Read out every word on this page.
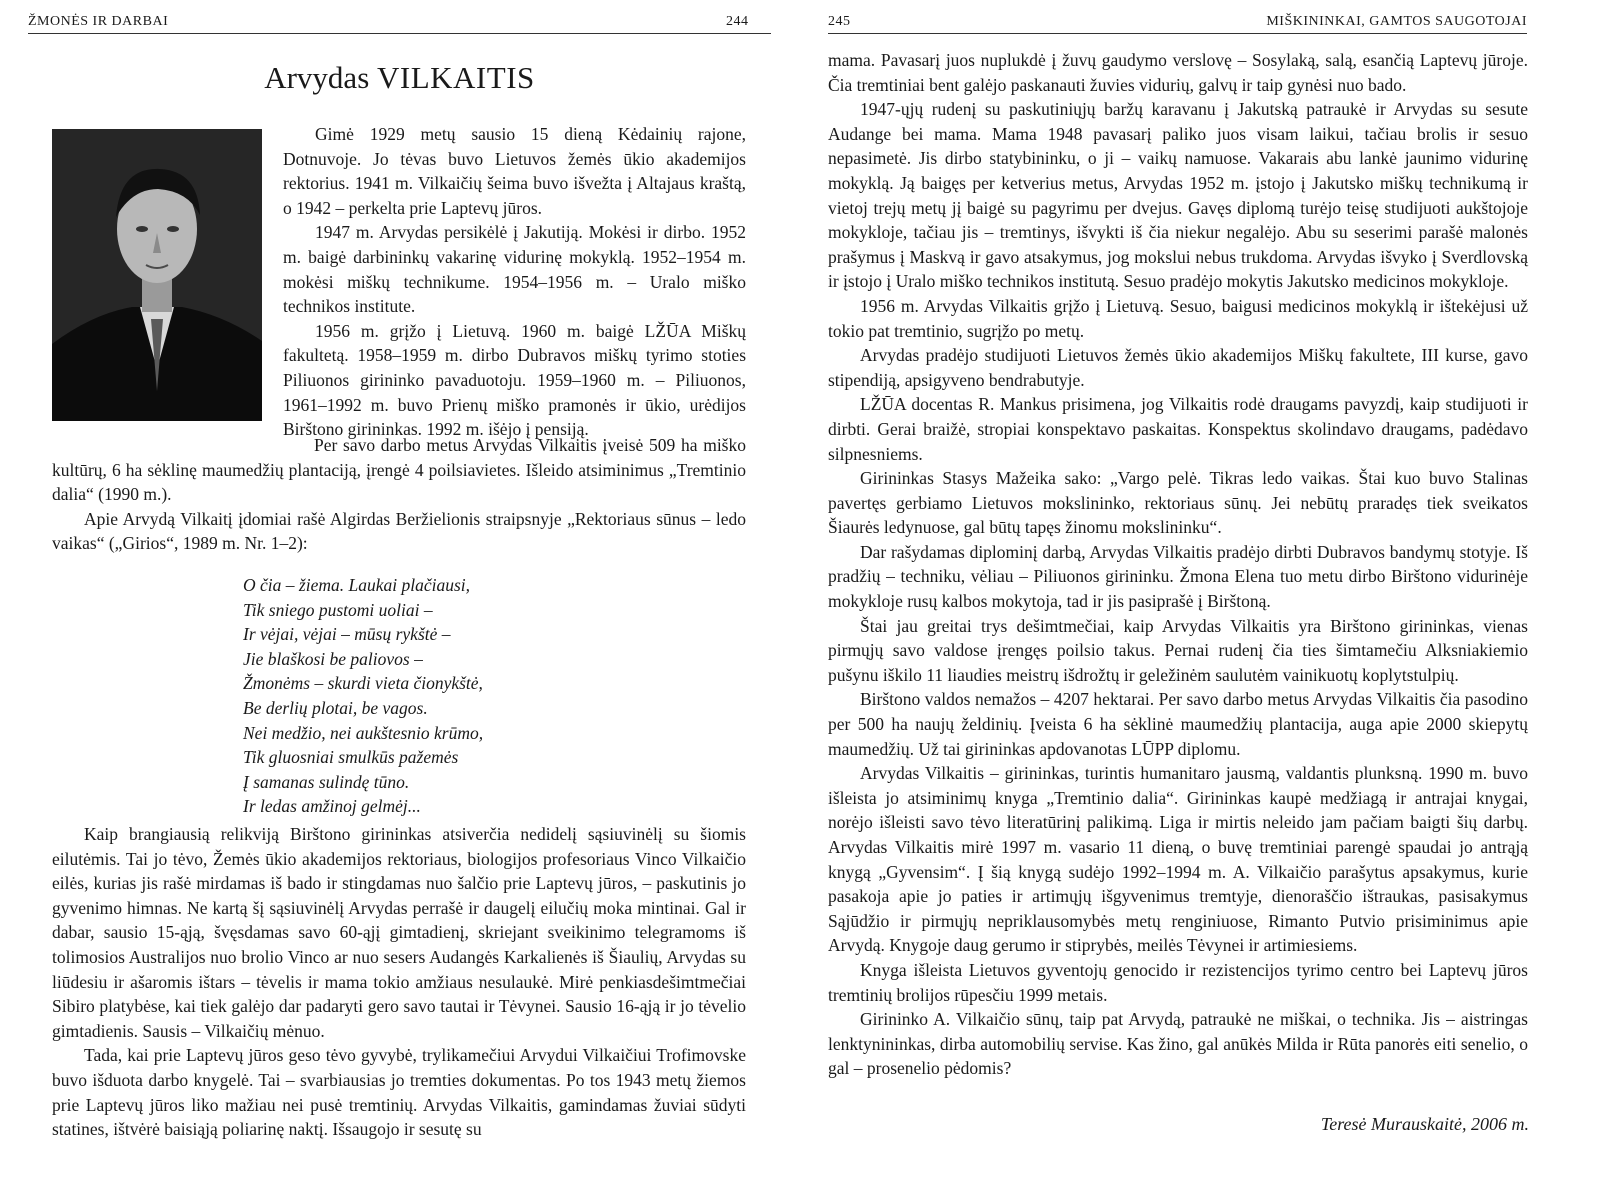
ŽMONĖS IR DARBAI	244
Arvydas VILKAITIS

Gimė 1929 metų sausio 15 dieną Kėdainių rajone, Dotnuvoje. Jo tėvas buvo Lietuvos žemės ūkio akademijos rektorius. 1941 m. Vilkaičių šeima buvo išvežta į Altajaus kraštą, o 1942 – perkelta prie Laptevų jūros.

1947 m. Arvydas persikėlė į Jakutiją. Mokėsi ir dirbo. 1952 m. baigė darbininkų vakarinę vidurinę mokyklą. 1952–1954 m. mokėsi miškų technikume. 1954–1956 m. – Uralo miško technikos institute.

1956 m. grįžo į Lietuvą. 1960 m. baigė LŽŪA Miškų fakultetą. 1958–1959 m. dirbo Dubravos miškų tyrimo stoties Piliuonos girininko pavaduotoju. 1959–1960 m. – Piliuonos, 1961–1992 m. buvo Prienų miško pramonės ir ūkio, urėdijos Birštono girininkas. 1992 m. išėjo į pensiją.

Per savo darbo metus Arvydas Vilkaitis įveisė 509 ha miško kultūrų, 6 ha sėklinę maumedžių plantaciją, įrengė 4 poilsiavietes. Išleido atsiminimus „Tremtinio dalia“ (1990 m.).

Apie Arvydą Vilkaitį įdomiai rašė Algirdas Beržielionis straipsnyje „Rektoriaus sūnus – ledo vaikas“ („Girios“, 1989 m. Nr. 1–2):

O čia – žiema. Laukai plačiausi,
Tik sniego pustomi uoliai –
Ir vėjai, vėjai – mūsų rykštė –
Jie blaškosi be paliovos –
Žmonėms – skurdi vieta čionykštė,
Be derlių plotai, be vagos.
Nei medžio, nei aukštesnio krūmo,
Tik gluosniai smulkūs pažemės
Į samanas sulindę tūno.
Ir ledas amžinoj gelmėj...

Kaip brangiausią relikviją Birštono girininkas atsiverčia nedidelį sąsiuvinėlį su šiomis eilutėmis. Tai jo tėvo, Žemės ūkio akademijos rektoriaus, biologijos profesoriaus Vinco Vilkaičio eilės, kurias jis rašė mirdamas iš bado ir stingdamas nuo šalčio prie Laptevų jūros, – paskutinis jo gyvenimo himnas. Ne kartą šį sąsiuvinėlį Arvydas perrašė ir daugelį eilučių moka mintinai. Gal ir dabar, sausio 15-ąją, švęsdamas savo 60-ąjį gimtadienį, skriejant sveikinimo telegramoms iš tolimosios Australijos nuo brolio Vinco ar nuo sesers Audangės Karkalienės iš Šiaulių, Arvydas su liūdesiu ir ašaromis ištars – tėvelis ir mama tokio amžiaus nesulaukė. Mirė penkiasdešimtmečiai Sibiro platybėse, kai tiek galėjo dar padaryti gero savo tautai ir Tėvynei. Sausio 16-ąją ir jo tėvelio gimtadienis. Sausis – Vilkaičių mėnuo.

Tada, kai prie Laptevų jūros geso tėvo gyvybė, trylikamečiui Arvydui Vilkaičiui Trofimovske buvo išduota darbo knygelė. Tai – svarbiausias jo tremties dokumentas. Po tos 1943 metų žiemos prie Laptevų jūros liko mažiau nei pusė tremtinių. Arvydas Vilkaitis, gamindamas žuviai sūdyti statines, ištvėrė baisiąją poliarinę naktį. Išsaugojo ir sesutę su

245	MIŠKININKAI, GAMTOS SAUGOTOJAI

mama. Pavasarį juos nuplukdė į žuvų gaudymo verslovę – Sosylaką, salą, esančią Laptevų jūroje. Čia tremtiniai bent galėjo paskanauti žuvies vidurių, galvų ir taip gynėsi nuo bado.

1947-ųjų rudenį su paskutiniųjų baržų karavanu į Jakutską patraukė ir Arvydas su sesute Audange bei mama. Mama 1948 pavasarį paliko juos visam laikui, tačiau brolis ir sesuo nepasimetė. Jis dirbo statybininku, o ji – vaikų namuose. Vakarais abu lankė jaunimo vidurinę mokyklą. Ją baigęs per ketverius metus, Arvydas 1952 m. įstojo į Jakutsko miškų technikumą ir vietoj trejų metų jį baigė su pagyrimu per dvejus. Gavęs diplomą turėjo teisę studijuoti aukštojoje mokykloje, tačiau jis – tremtinys, išvykti iš čia niekur negalėjo. Abu su seserimi parašė malonės prašymus į Maskvą ir gavo atsakymus, jog mokslui nebus trukdoma. Arvydas išvyko į Sverdlovską ir įstojo į Uralo miško technikos institutą. Sesuo pradėjo mokytis Jakutsko medicinos mokykloje.

1956 m. Arvydas Vilkaitis grįžo į Lietuvą. Sesuo, baigusi medicinos mokyklą ir ištekėjusi už tokio pat tremtinio, sugrįžo po metų.

Arvydas pradėjo studijuoti Lietuvos žemės ūkio akademijos Miškų fakultete, III kurse, gavo stipendiją, apsigyveno bendrabutyje.

LŽŪA docentas R. Mankus prisimena, jog Vilkaitis rodė draugams pavyzdį, kaip studijuoti ir dirbti. Gerai braižė, stropiai konspektavo paskaitas. Konspektus skolindavo draugams, padėdavo silpnesniems.

Girininkas Stasys Mažeika sako: „Vargo pelė. Tikras ledo vaikas. Štai kuo buvo Stalinas pavertęs gerbiamo Lietuvos mokslininko, rektoriaus sūnų. Jei nebūtų praradęs tiek sveikatos Šiaurės ledynuose, gal būtų tapęs žinomu mokslininku“.

Dar rašydamas diplominį darbą, Arvydas Vilkaitis pradėjo dirbti Dubravos bandymų stotyje. Iš pradžių – techniku, vėliau – Piliuonos girininku. Žmona Elena tuo metu dirbo Birštono vidurinėje mokykloje rusų kalbos mokytoja, tad ir jis pasiprašė į Birštoną.

Štai jau greitai trys dešimtmečiai, kaip Arvydas Vilkaitis yra Birštono girininkas, vienas pirmųjų savo valdose įrengęs poilsio takus. Pernai rudenį čia ties šimtamečiu Alksniakiemio pušynu iškilo 11 liaudies meistrų išdrožtų ir geležinėm saulutėm vainikuotų koplytstulpių.

Birštono valdos nemažos – 4207 hektarai. Per savo darbo metus Arvydas Vilkaitis čia pasodino per 500 ha naujų želdinių. Įveista 6 ha sėklinė maumedžių plantacija, auga apie 2000 skiepytų maumedžių. Už tai girininkas apdovanotas LŪPP diplomu.

Arvydas Vilkaitis – girininkas, turintis humanitaro jausmą, valdantis plunksną. 1990 m. buvo išleista jo atsiminimų knyga „Tremtinio dalia“. Girininkas kaupė medžiagą ir antrajai knygai, norėjo išleisti savo tėvo literatūrinį palikimą. Liga ir mirtis neleido jam pačiam baigti šių darbų. Arvydas Vilkaitis mirė 1997 m. vasario 11 dieną, o buvę tremtiniai parengė spaudai jo antrąją knygą „Gyvensim“. Į šią knygą sudėjo 1992–1994 m. A. Vilkaičio parašytus apsakymus, kurie pasakoja apie jo paties ir artimųjų išgyvenimus tremtyje, dienoraščio ištraukas, pasisakymus Sąjūdžio ir pirmųjų nepriklausomybės metų renginiuose, Rimanto Putvio prisiminimus apie Arvydą. Knygoje daug gerumo ir stiprybės, meilės Tėvynei ir artimiesiems.

Knyga išleista Lietuvos gyventojų genocido ir rezistencijos tyrimo centro bei Laptevų jūros tremtinių brolijos rūpesčiu 1999 metais.

Girininko A. Vilkaičio sūnų, taip pat Arvydą, patraukė ne miškai, o technika. Jis – aistringas lenktynininkas, dirba automobilių servise. Kas žino, gal anūkės Milda ir Rūta panorės eiti senelio, o gal – prosenelio pėdomis?

Teresė Murauskaitė, 2006 m.
